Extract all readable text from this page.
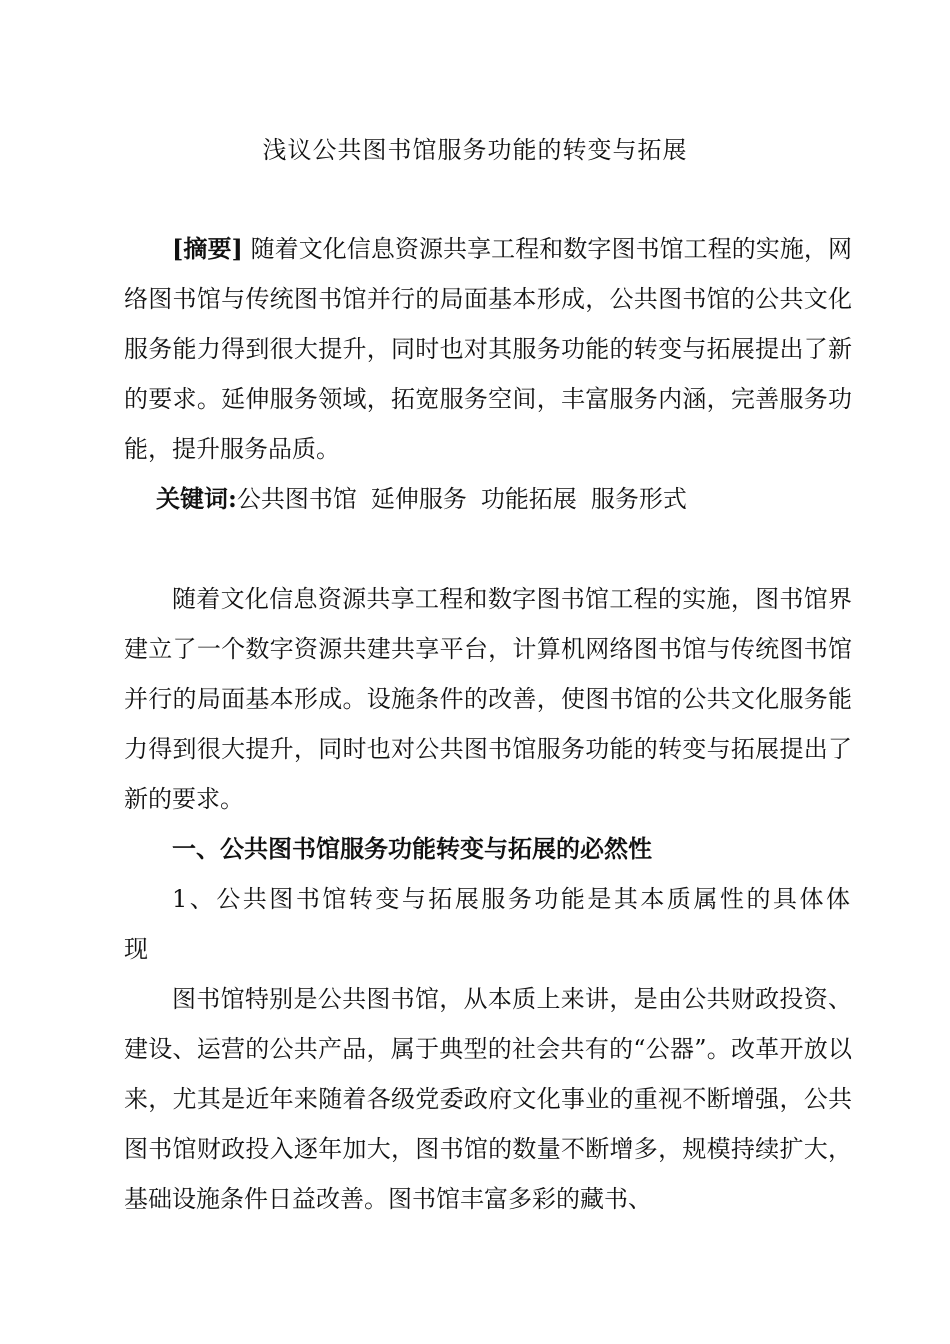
浅议公共图书馆服务功能的转变与拓展
[摘要] 随着文化信息资源共享工程和数字图书馆工程的实施，网络图书馆与传统图书馆并行的局面基本形成，公共图书馆的公共文化服务能力得到很大提升，同时也对其服务功能的转变与拓展提出了新的要求。延伸服务领域，拓宽服务空间，丰富服务内涵，完善服务功能，提升服务品质。
关键词:公共图书馆 延伸服务 功能拓展 服务形式
随着文化信息资源共享工程和数字图书馆工程的实施，图书馆界建立了一个数字资源共建共享平台，计算机网络图书馆与传统图书馆并行的局面基本形成。设施条件的改善，使图书馆的公共文化服务能力得到很大提升，同时也对公共图书馆服务功能的转变与拓展提出了新的要求。
一、公共图书馆服务功能转变与拓展的必然性
1、公共图书馆转变与拓展服务功能是其本质属性的具体体现
图书馆特别是公共图书馆，从本质上来讲，是由公共财政投资、建设、运营的公共产品，属于典型的社会共有的“公器”。改革开放以来，尤其是近年来随着各级党委政府文化事业的重视不断增强，公共图书馆财政投入逐年加大，图书馆的数量不断增多，规模持续扩大，基础设施条件日益改善。图书馆丰富多彩的藏书、
